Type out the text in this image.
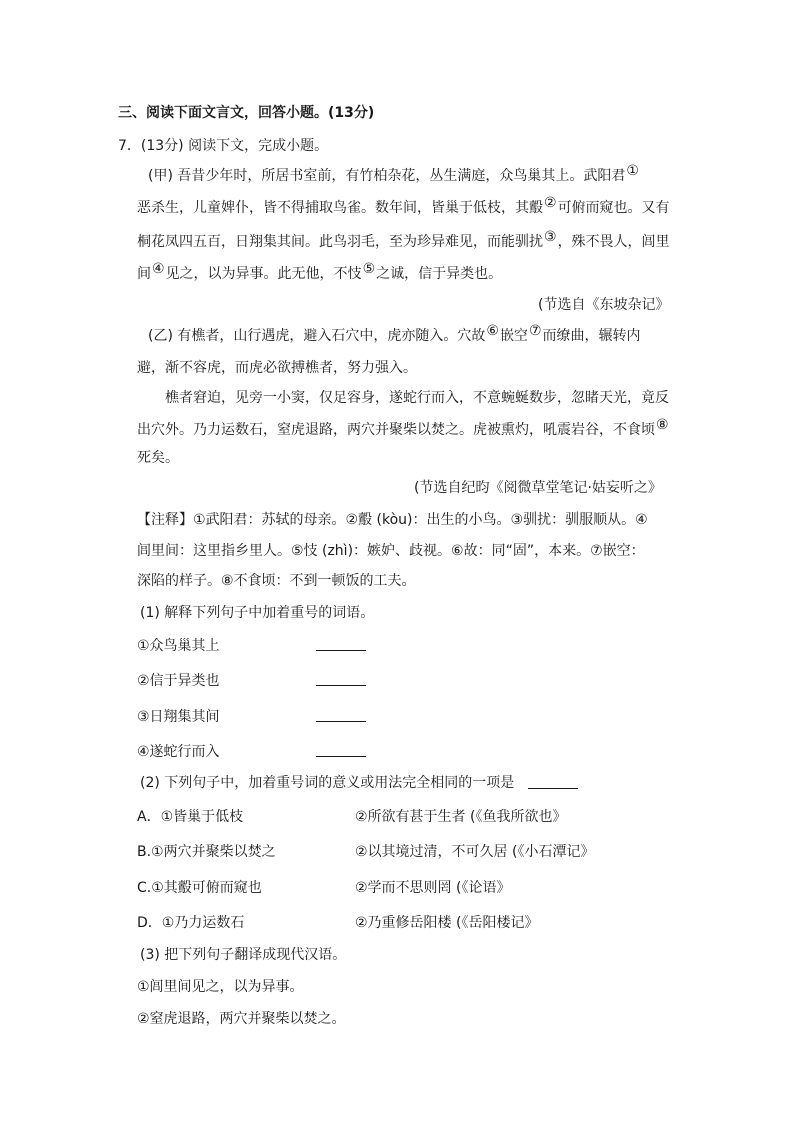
三、阅读下面文言文，回答小题。(13分)
7．(13分) 阅读下文，完成小题。
(甲) 吾昔少年时，所居书室前，有竹柏杂花，丛生满庭，众鸟巢其上。武阳君①
恶杀生，儿童婢仆，皆不得捕取鸟雀。数年间，皆巢于低枝，其鷇②可俯而窥也。又有
桐花凤四五百，日翔集其间。此鸟羽毛，至为珍异难见，而能驯扰③，殊不畏人，闾里
间④见之，以为异事。此无他，不忮⑤之诚，信于异类也。
(节选自《东坡杂记》
(乙) 有樵者，山行遇虎，避入石穴中，虎亦随入。穴故⑥嵌空⑦而缭曲，辗转内
避，渐不容虎，而虎必欲搏樵者，努力强入。
樵者窘迫，见旁一小窦，仅足容身，遂蛇行而入，不意蜿蜒数步，忽睹天光，竟反
出穴外。乃力运数石，窒虎退路，两穴并聚柴以焚之。虎被熏灼，吼震岩谷，不食顷⑧
死矣。
(节选自纪昀《阅微草堂笔记·姑妄听之》
【注释】①武阳君：苏轼的母亲。②鷇 (kòu)：出生的小鸟。③驯扰：驯服顺从。④
闾里间：这里指乡里人。⑤忮 (zhì)：嫉妒、歧视。⑥故：同“固”，本来。⑦嵌空：
深陷的样子。⑧不食顷：不到一顿饭的工夫。
(1) 解释下列句子中加着重号的词语。
①众鸟巢其上
②信于异类也
③日翔集其间
④遂蛇行而入
(2) 下列句子中，加着重号词的意义或用法完全相同的一项是
A．①皆巢于低枝	②所欲有甚于生者 (《鱼我所欲也》
B.①两穴并聚柴以焚之	②以其境过清，不可久居 (《小石潭记》
C.①其鷇可俯而窥也	②学而不思则罔 (《论语》
D．①乃力运数石	②乃重修岳阳楼 (《岳阳楼记》
(3) 把下列句子翻译成现代汉语。
①闾里间见之，以为异事。
②窒虎退路，两穴并聚柴以焚之。
